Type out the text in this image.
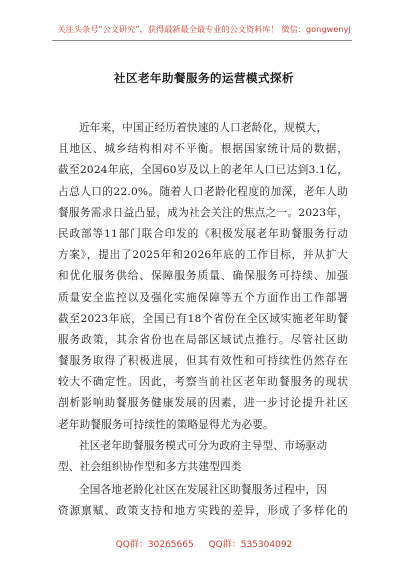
关注头条号“公文研究”，获得最新最全最专业的公文资料库！ 微信：gongwenyj
社区老年助餐服务的运营模式探析
近年来，中国正经历着快速的人口老龄化，规模大，
且地区、城乡结构相对不平衡。根据国家统计局的数据，
截至2024年底，全国60岁及以上的老年人口已达到3.1亿，
占总人口的22.0%。随着人口老龄化程度的加深，老年人助
餐服务需求日益凸显，成为社会关注的焦点之一。2023年，
民政部等11部门联合印发的《积极发展老年助餐服务行动
方案》，提出了2025年和2026年底的工作目标，并从扩大
和优化服务供给、保障服务质量、确保服务可持续、加强
质量安全监控以及强化实施保障等五个方面作出工作部署
截至2023年底，全国已有18个省份在全区域实施老年助餐
服务政策，其余省份也在局部区域试点推行。尽管社区助
餐服务取得了积极进展，但其有效性和可持续性仍然存在
较大不确定性。因此，考察当前社区老年助餐服务的现状
剖析影响助餐服务健康发展的因素，进一步讨论提升社区
老年助餐服务可持续性的策略显得尤为必要。
社区老年助餐服务模式可分为政府主导型、市场驱动
型、社会组织协作型和多方共建型四类
全国各地老龄化社区在发展社区助餐服务过程中，因
资源禀赋、政策支持和地方实践的差异，形成了多样化的
QQ群：30265665 QQ群：535304092
